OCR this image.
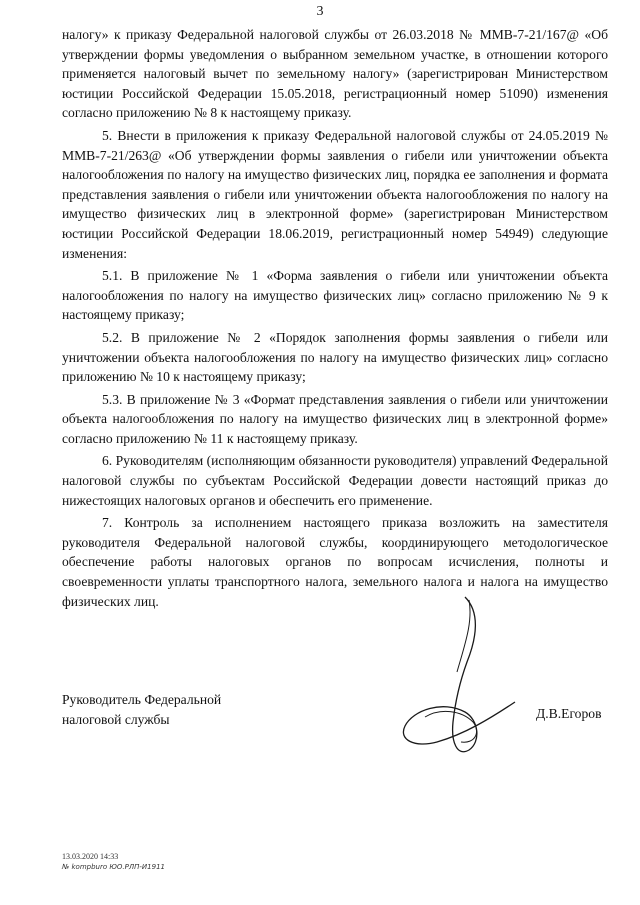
3

налогу» к приказу Федеральной налоговой службы от 26.03.2018 № ММВ-7-21/167@ «Об утверждении формы уведомления о выбранном земельном участке, в отношении которого применяется налоговый вычет по земельному налогу» (зарегистрирован Министерством юстиции Российской Федерации 15.05.2018, регистрационный номер 51090) изменения согласно приложению № 8 к настоящему приказу.

5. Внести в приложения к приказу Федеральной налоговой службы от 24.05.2019 № ММВ-7-21/263@ «Об утверждении формы заявления о гибели или уничтожении объекта налогообложения по налогу на имущество физических лиц, порядка ее заполнения и формата представления заявления о гибели или уничтожении объекта налогообложения по налогу на имущество физических лиц в электронной форме» (зарегистрирован Министерством юстиции Российской Федерации 18.06.2019, регистрационный номер 54949) следующие изменения:

5.1. В приложение № 1 «Форма заявления о гибели или уничтожении объекта налогообложения по налогу на имущество физических лиц» согласно приложению № 9 к настоящему приказу;

5.2. В приложение № 2 «Порядок заполнения формы заявления о гибели или уничтожении объекта налогообложения по налогу на имущество физических лиц» согласно приложению № 10 к настоящему приказу;

5.3. В приложение № 3 «Формат представления заявления о гибели или уничтожении объекта налогообложения по налогу на имущество физических лиц в электронной форме» согласно приложению № 11 к настоящему приказу.

6. Руководителям (исполняющим обязанности руководителя) управлений Федеральной налоговой службы по субъектам Российской Федерации довести настоящий приказ до нижестоящих налоговых органов и обеспечить его применение.

7. Контроль за исполнением настоящего приказа возложить на заместителя руководителя Федеральной налоговой службы, координирующего методологическое обеспечение работы налоговых органов по вопросам исчисления, полноты и своевременности уплаты транспортного налога, земельного налога и налога на имущество физических лиц.

Руководитель Федеральной
налоговой службы	Д.В.Егоров
13.03.2020 14:33
№ kompburo ЮО.РЛП-И1911
